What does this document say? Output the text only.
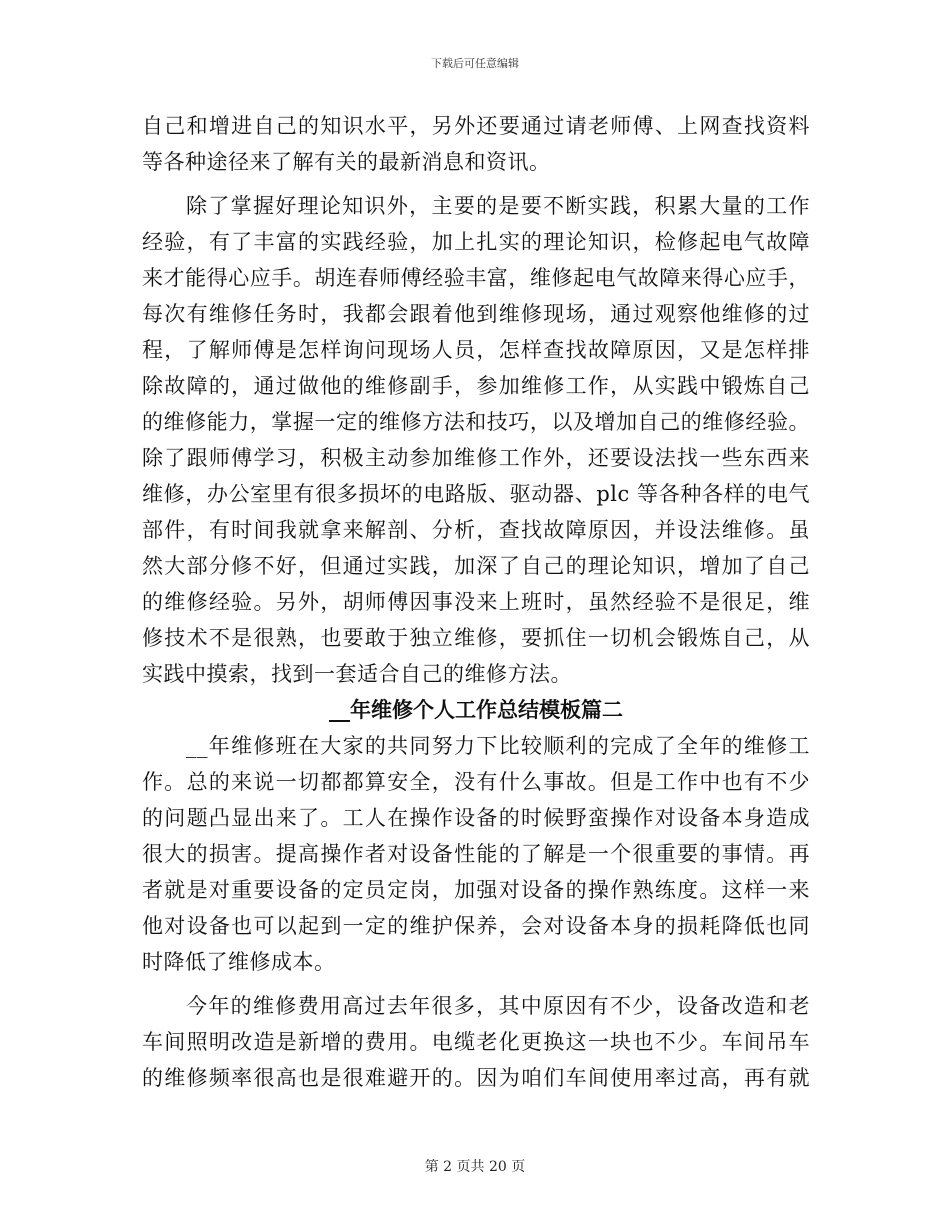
下载后可任意编辑
自己和增进自己的知识水平，另外还要通过请老师傅、上网查找资料
等各种途径来了解有关的最新消息和资讯。
除了掌握好理论知识外，主要的是要不断实践，积累大量的工作
经验，有了丰富的实践经验，加上扎实的理论知识，检修起电气故障
来才能得心应手。胡连春师傅经验丰富，维修起电气故障来得心应手，
每次有维修任务时，我都会跟着他到维修现场，通过观察他维修的过
程，了解师傅是怎样询问现场人员，怎样查找故障原因，又是怎样排
除故障的，通过做他的维修副手，参加维修工作，从实践中锻炼自己
的维修能力，掌握一定的维修方法和技巧，以及增加自己的维修经验。
除了跟师傅学习，积极主动参加维修工作外，还要设法找一些东西来
维修，办公室里有很多损坏的电路版、驱动器、plc 等各种各样的电气
部件，有时间我就拿来解剖、分析，查找故障原因，并设法维修。虽
然大部分修不好，但通过实践，加深了自己的理论知识，增加了自己
的维修经验。另外，胡师傅因事没来上班时，虽然经验不是很足，维
修技术不是很熟，也要敢于独立维修，要抓住一切机会锻炼自己，从
实践中摸索，找到一套适合自己的维修方法。
__年维修个人工作总结模板篇二
__年维修班在大家的共同努力下比较顺利的完成了全年的维修工
作。总的来说一切都都算安全，没有什么事故。但是工作中也有不少
的问题凸显出来了。工人在操作设备的时候野蛮操作对设备本身造成
很大的损害。提高操作者对设备性能的了解是一个很重要的事情。再
者就是对重要设备的定员定岗，加强对设备的操作熟练度。这样一来
他对设备也可以起到一定的维护保养，会对设备本身的损耗降低也同
时降低了维修成本。
今年的维修费用高过去年很多，其中原因有不少，设备改造和老
车间照明改造是新增的费用。电缆老化更换这一块也不少。车间吊车
的维修频率很高也是很难避开的。因为咱们车间使用率过高，再有就
第 2 页共 20 页
